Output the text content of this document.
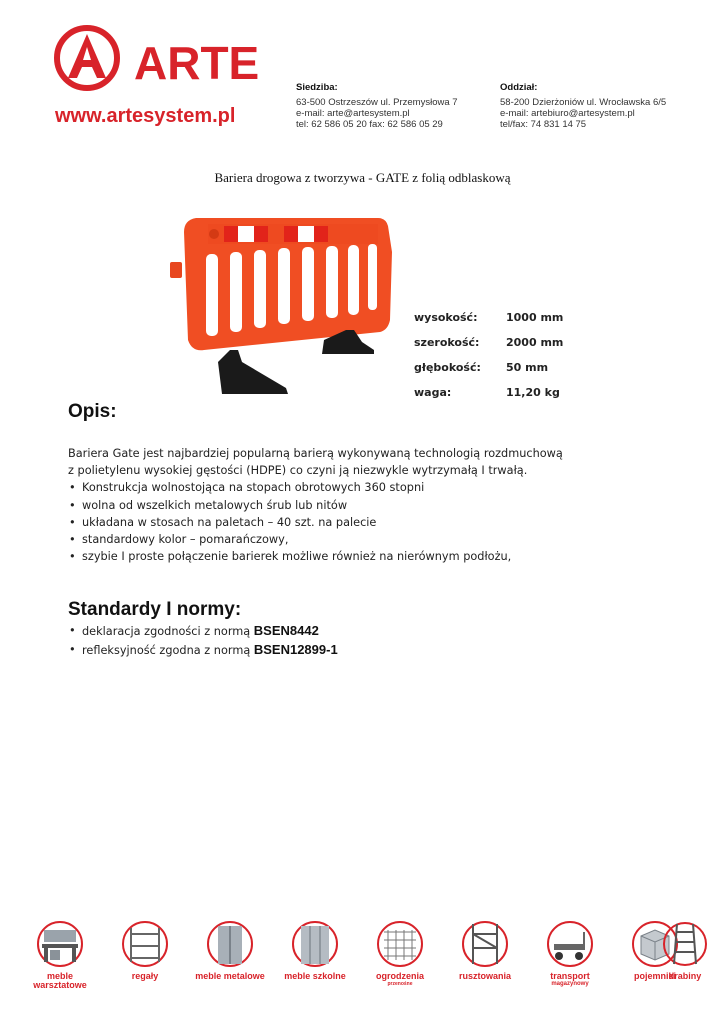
ARTE
www.artesystem.pl
Siedziba:
63-500 Ostrzeszów ul. Przemysłowa 7
e-mail: arte@artesystem.pl
tel: 62 586 05 20 fax: 62 586 05 29
Oddział:
58-200 Dzierżoniów ul. Wrocławska 6/5
e-mail: artebiuro@artesystem.pl
tel/fax: 74 831 14 75
Bariera drogowa z tworzywa - GATE z folią odblaskową
wysokość:	1000 mm
szerokość:	2000 mm
głębokość:	50 mm
waga:	11,20 kg
Opis:
Bariera Gate jest najbardziej popularną barierą wykonywaną technologią rozdmuchową
z polietylenu wysokiej gęstości (HDPE) co czyni ją niezwykle wytrzymałą I trwałą.
• Konstrukcja wolnostojąca na stopach obrotowych 360 stopni
• wolna od wszelkich metalowych śrub lub nitów
• układana w stosach na paletach – 40 szt. na palecie
• standardowy kolor – pomarańczowy,
• szybie I proste połączenie barierek możliwe również na nierównym podłożu,
Standardy I normy:
• deklaracja zgodności z normą BSEN8442
• refleksyjność zgodna z normą BSEN12899-1
meble warsztatowe
regały	meble metalowe	meble szkolne	ogrodzenia
przenośne
rusztowania	transport
magazynowy
pojemniki
drabiny
